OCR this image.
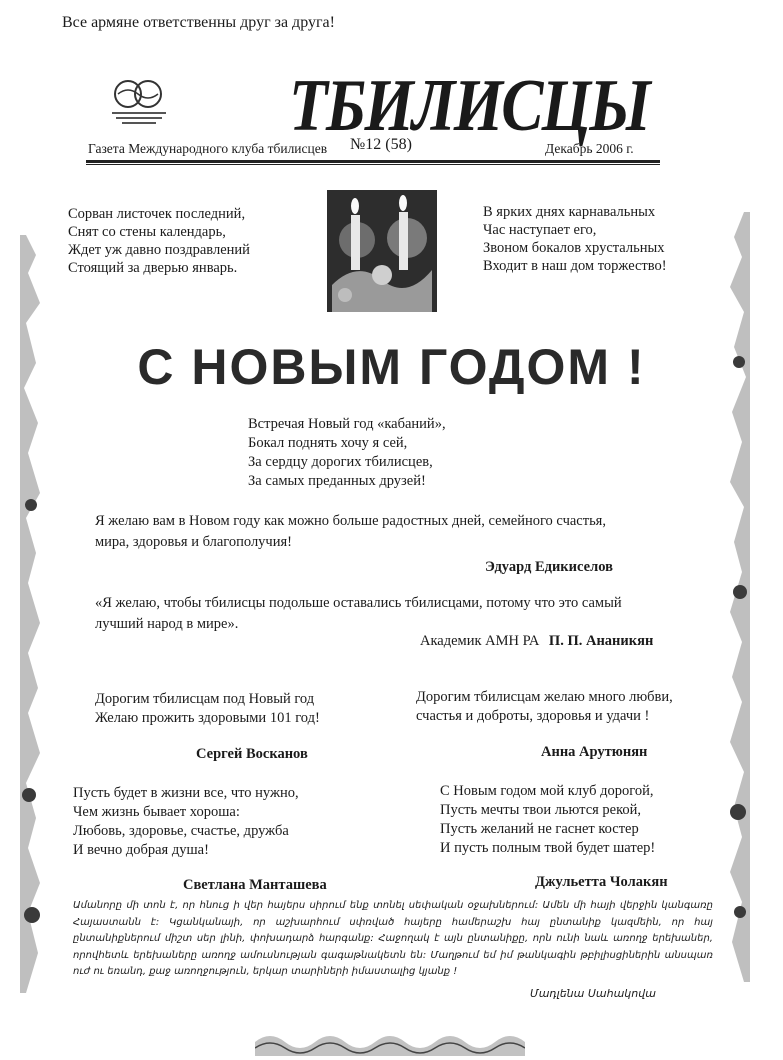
Все армяне ответственны друг за друга!
ТБИЛИСЦЫ
Газета Международного клуба тбилисцев №12 (58)	Декабрь 2006 г.
Сорван листочек последний,
Снят со стены календарь,
Ждет уж давно поздравлений
Стоящий за дверью январь.
В ярких днях карнавальных
Час наступает его,
Звоном бокалов хрустальных
Входит в наш дом торжество!
С НОВЫМ ГОДОМ !
Встречая Новый год «кабаний»,
Бокал поднять хочу я сей,
За сердцу дорогих тбилисцев,
За самых преданных друзей!
Я желаю вам в Новом году как можно больше радостных дней, семейного счастья,
мира, здоровья и благополучия!
Эдуард Едикиселов
«Я желаю, чтобы тбилисцы подольше оставались тбилисцами, потому что это самый
лучший народ в мире».
Академик АМН РА П. П. Ананикян
Дорогим тбилисцам под Новый год
Желаю прожить здоровыми 101 год!
Сергей Восканов
Дорогим тбилисцам желаю много любви,
счастья и доброты, здоровья и удачи !
Анна Арутюнян
Пусть будет в жизни все, что нужно,
Чем жизнь бывает хороша:
Любовь, здоровье, счастье, дружба
И вечно добрая душа!
Светлана Манташева
С Новым годом мой клуб дорогой,
Пусть мечты твои льются рекой,
Пусть желаний не гаснет костер
И пусть полным твой будет шатер!
Джульетта Чолакян
Ամանորը մի տոն է, որ հնուց ի վեր հայերս սիրում ենք տոնել սեփական օջախներում: Ամեն մի հայի վերջին կանգառը Հայաստանն է: Կցանկանայի, որ աշխարհում սփռված հայերը համերաշխ հայ ընտանիք կազմեին, որ հայ ընտանիքներում միշտ սեր լինի, փոխադարձ հարգանք: Հաջողակ է այն ընտանիքը, որն ունի նաև առողջ երեխաներ, որովհետև երեխաները առողջ ամուսնության գագաթնակետն են: Մաղթում եմ իմ թանկագին թբիլիսցիներին անսպառ ուժ ու եռանդ, քաջ առողջություն, երկար տարիների իմաստալից կյանք !
Մադլենա Սահակովա
